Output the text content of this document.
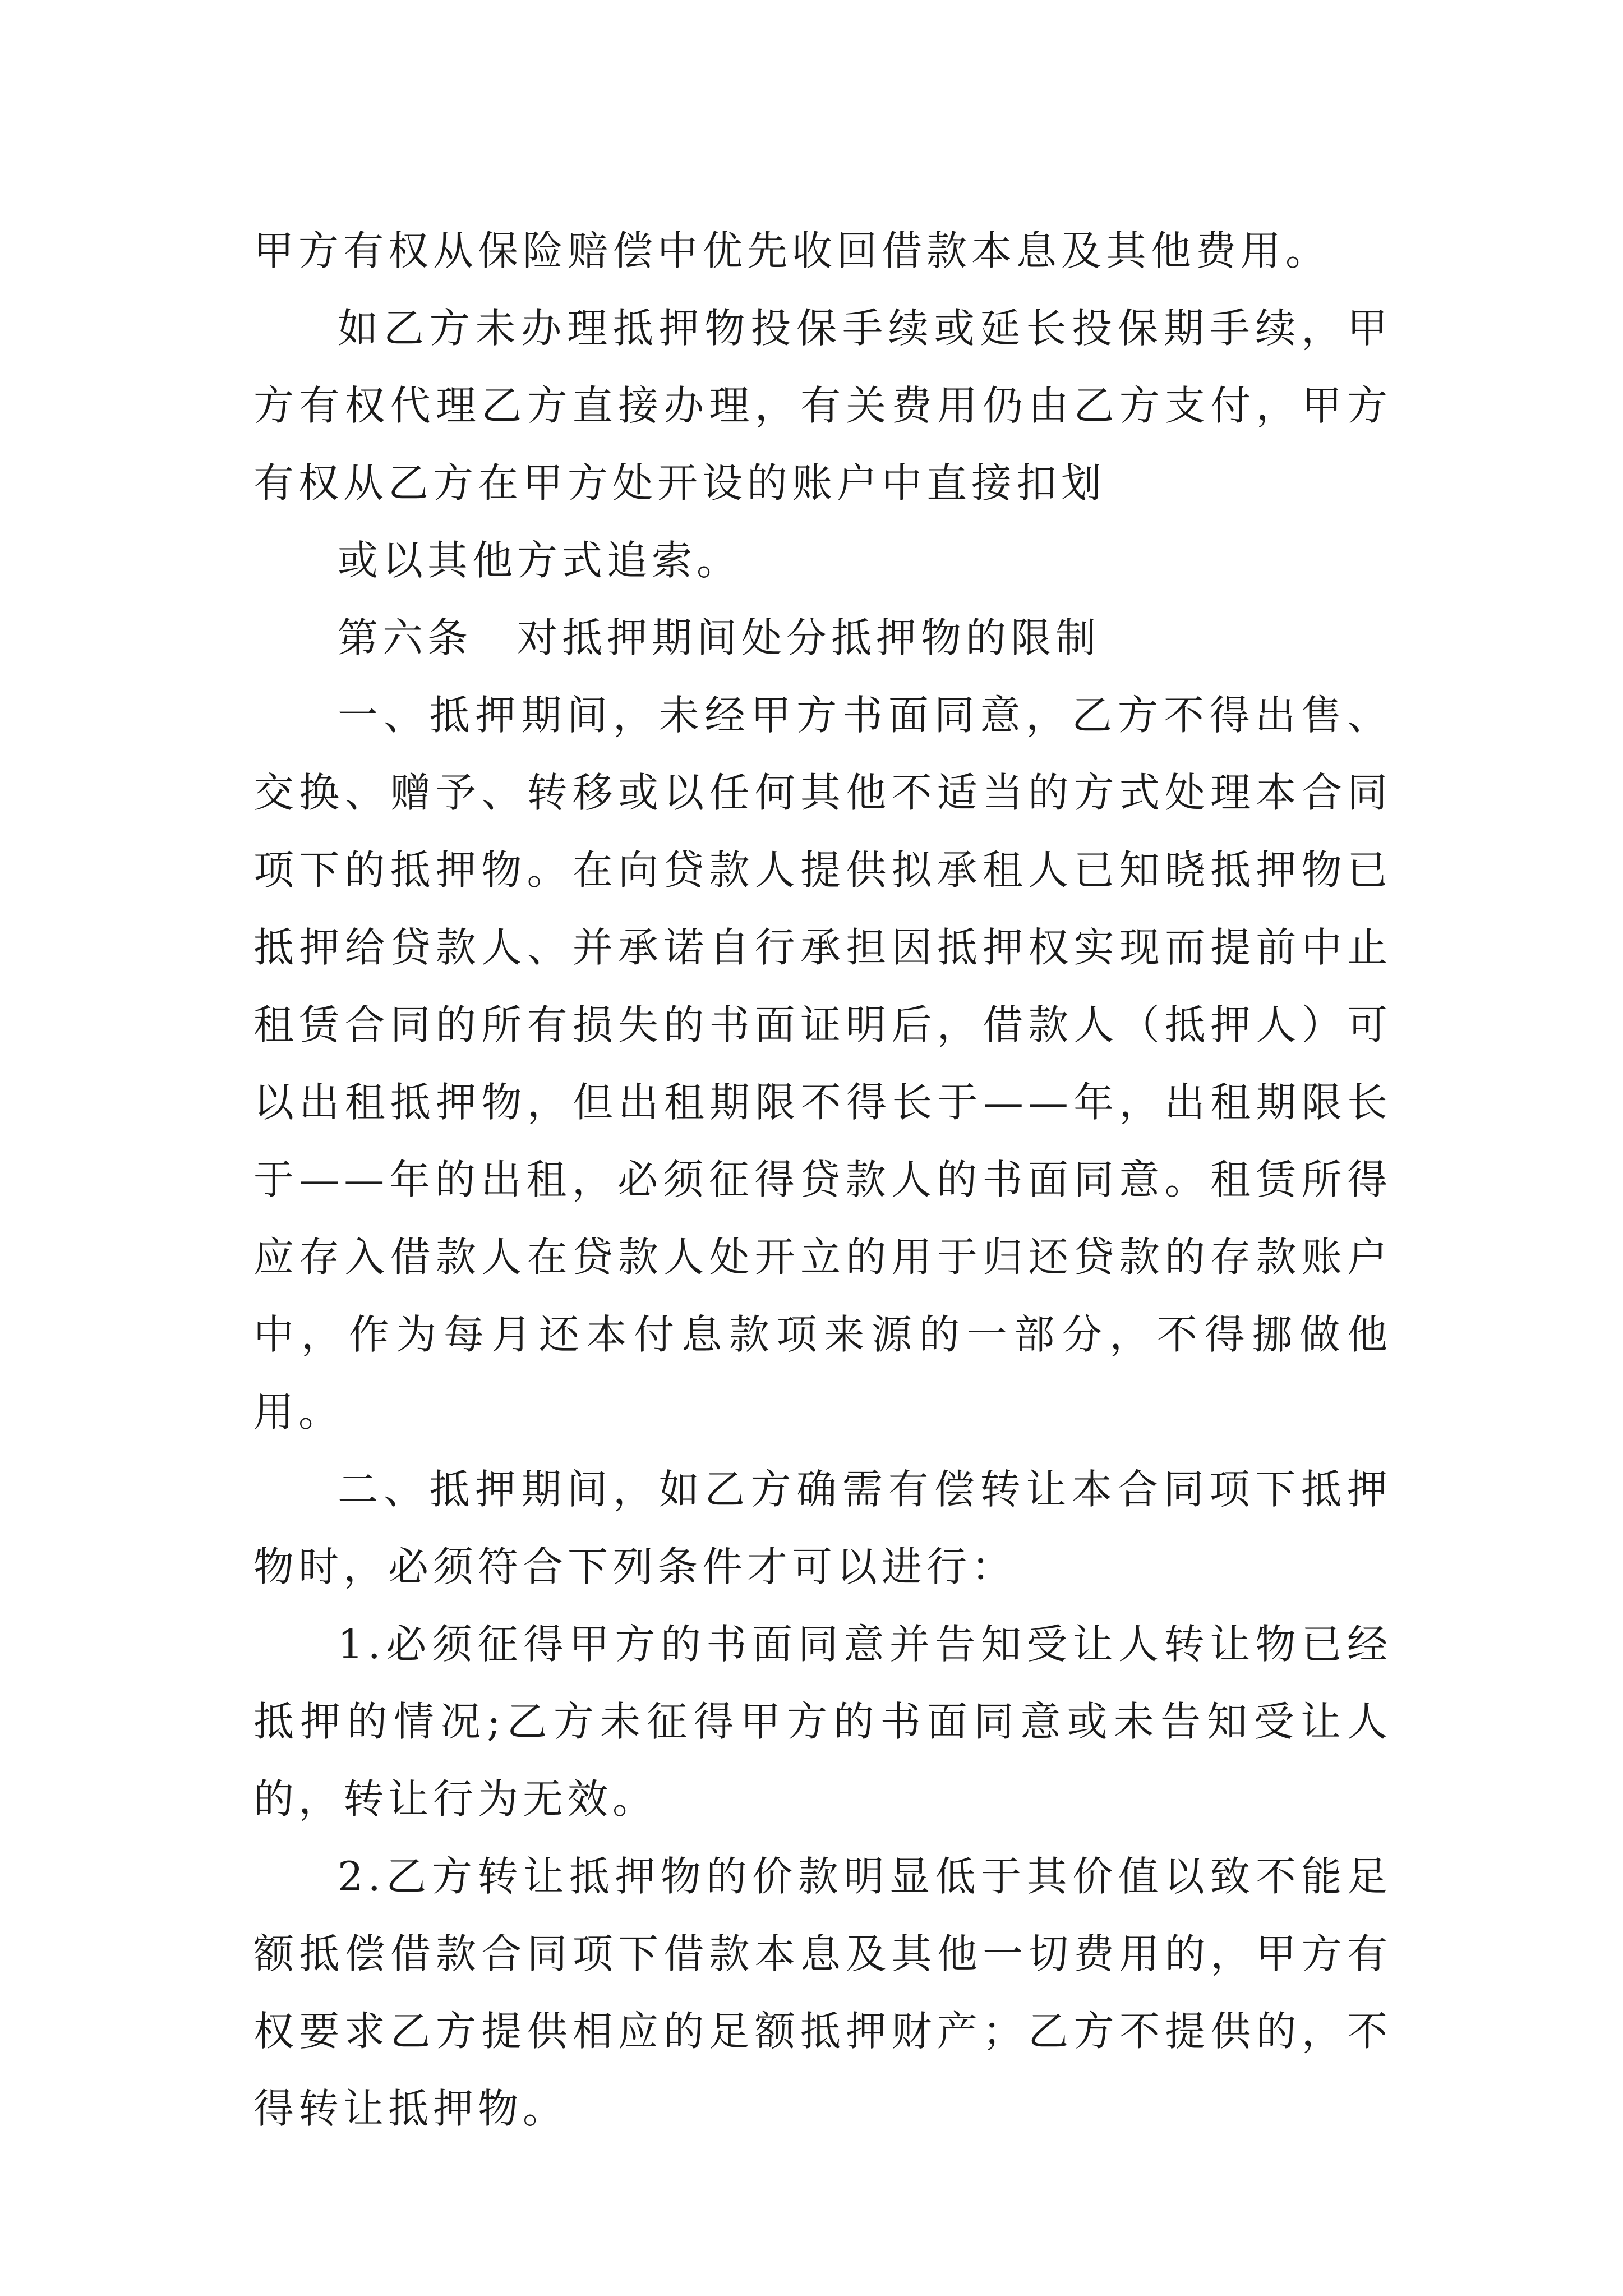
甲方有权从保险赔偿中优先收回借款本息及其他费用。

如乙方未办理抵押物投保手续或延长投保期手续，甲方有权代理乙方直接办理，有关费用仍由乙方支付，甲方有权从乙方在甲方处开设的账户中直接扣划

或以其他方式追索。

第六条　对抵押期间处分抵押物的限制

一、抵押期间，未经甲方书面同意，乙方不得出售、交换、赠予、转移或以任何其他不适当的方式处理本合同项下的抵押物。在向贷款人提供拟承租人已知晓抵押物已抵押给贷款人、并承诺自行承担因抵押权实现而提前中止租赁合同的所有损失的书面证明后，借款人（抵押人）可以出租抵押物，但出租期限不得长于——年，出租期限长于——年的出租，必须征得贷款人的书面同意。租赁所得应存入借款人在贷款人处开立的用于归还贷款的存款账户中，作为每月还本付息款项来源的一部分，不得挪做他用。

二、抵押期间，如乙方确需有偿转让本合同项下抵押物时，必须符合下列条件才可以进行：

1.必须征得甲方的书面同意并告知受让人转让物已经抵押的情况;乙方未征得甲方的书面同意或未告知受让人的，转让行为无效。

2.乙方转让抵押物的价款明显低于其价值以致不能足额抵偿借款合同项下借款本息及其他一切费用的，甲方有权要求乙方提供相应的足额抵押财产；乙方不提供的，不得转让抵押物。
